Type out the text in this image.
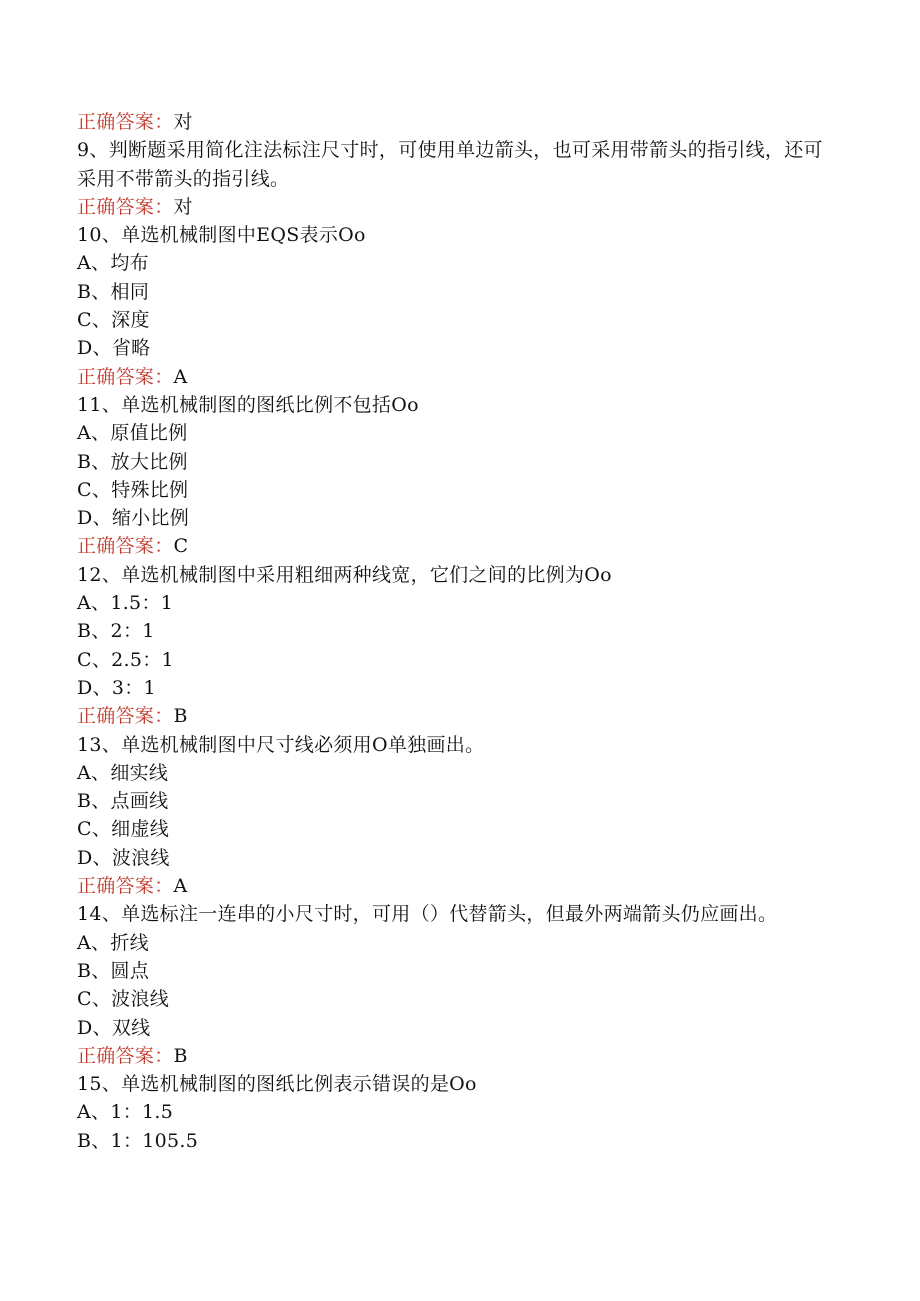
正确答案：对
9、判断题采用简化注法标注尺寸时，可使用单边箭头，也可采用带箭头的指引线，还可采用不带箭头的指引线。
正确答案：对
10、单选机械制图中EQS表示Oo
A、均布
B、相同
C、深度
D、省略
正确答案：A
11、单选机械制图的图纸比例不包括Oo
A、原值比例
B、放大比例
C、特殊比例
D、缩小比例
正确答案：C
12、单选机械制图中采用粗细两种线宽，它们之间的比例为Oo
A、1.5：1
B、2：1
C、2.5：1
D、3：1
正确答案：B
13、单选机械制图中尺寸线必须用O单独画出。
A、细实线
B、点画线
C、细虚线
D、波浪线
正确答案：A
14、单选标注一连串的小尺寸时，可用（）代替箭头，但最外两端箭头仍应画出。
A、折线
B、圆点
C、波浪线
D、双线
正确答案：B
15、单选机械制图的图纸比例表示错误的是Oo
A、1：1.5
B、1：105.5
